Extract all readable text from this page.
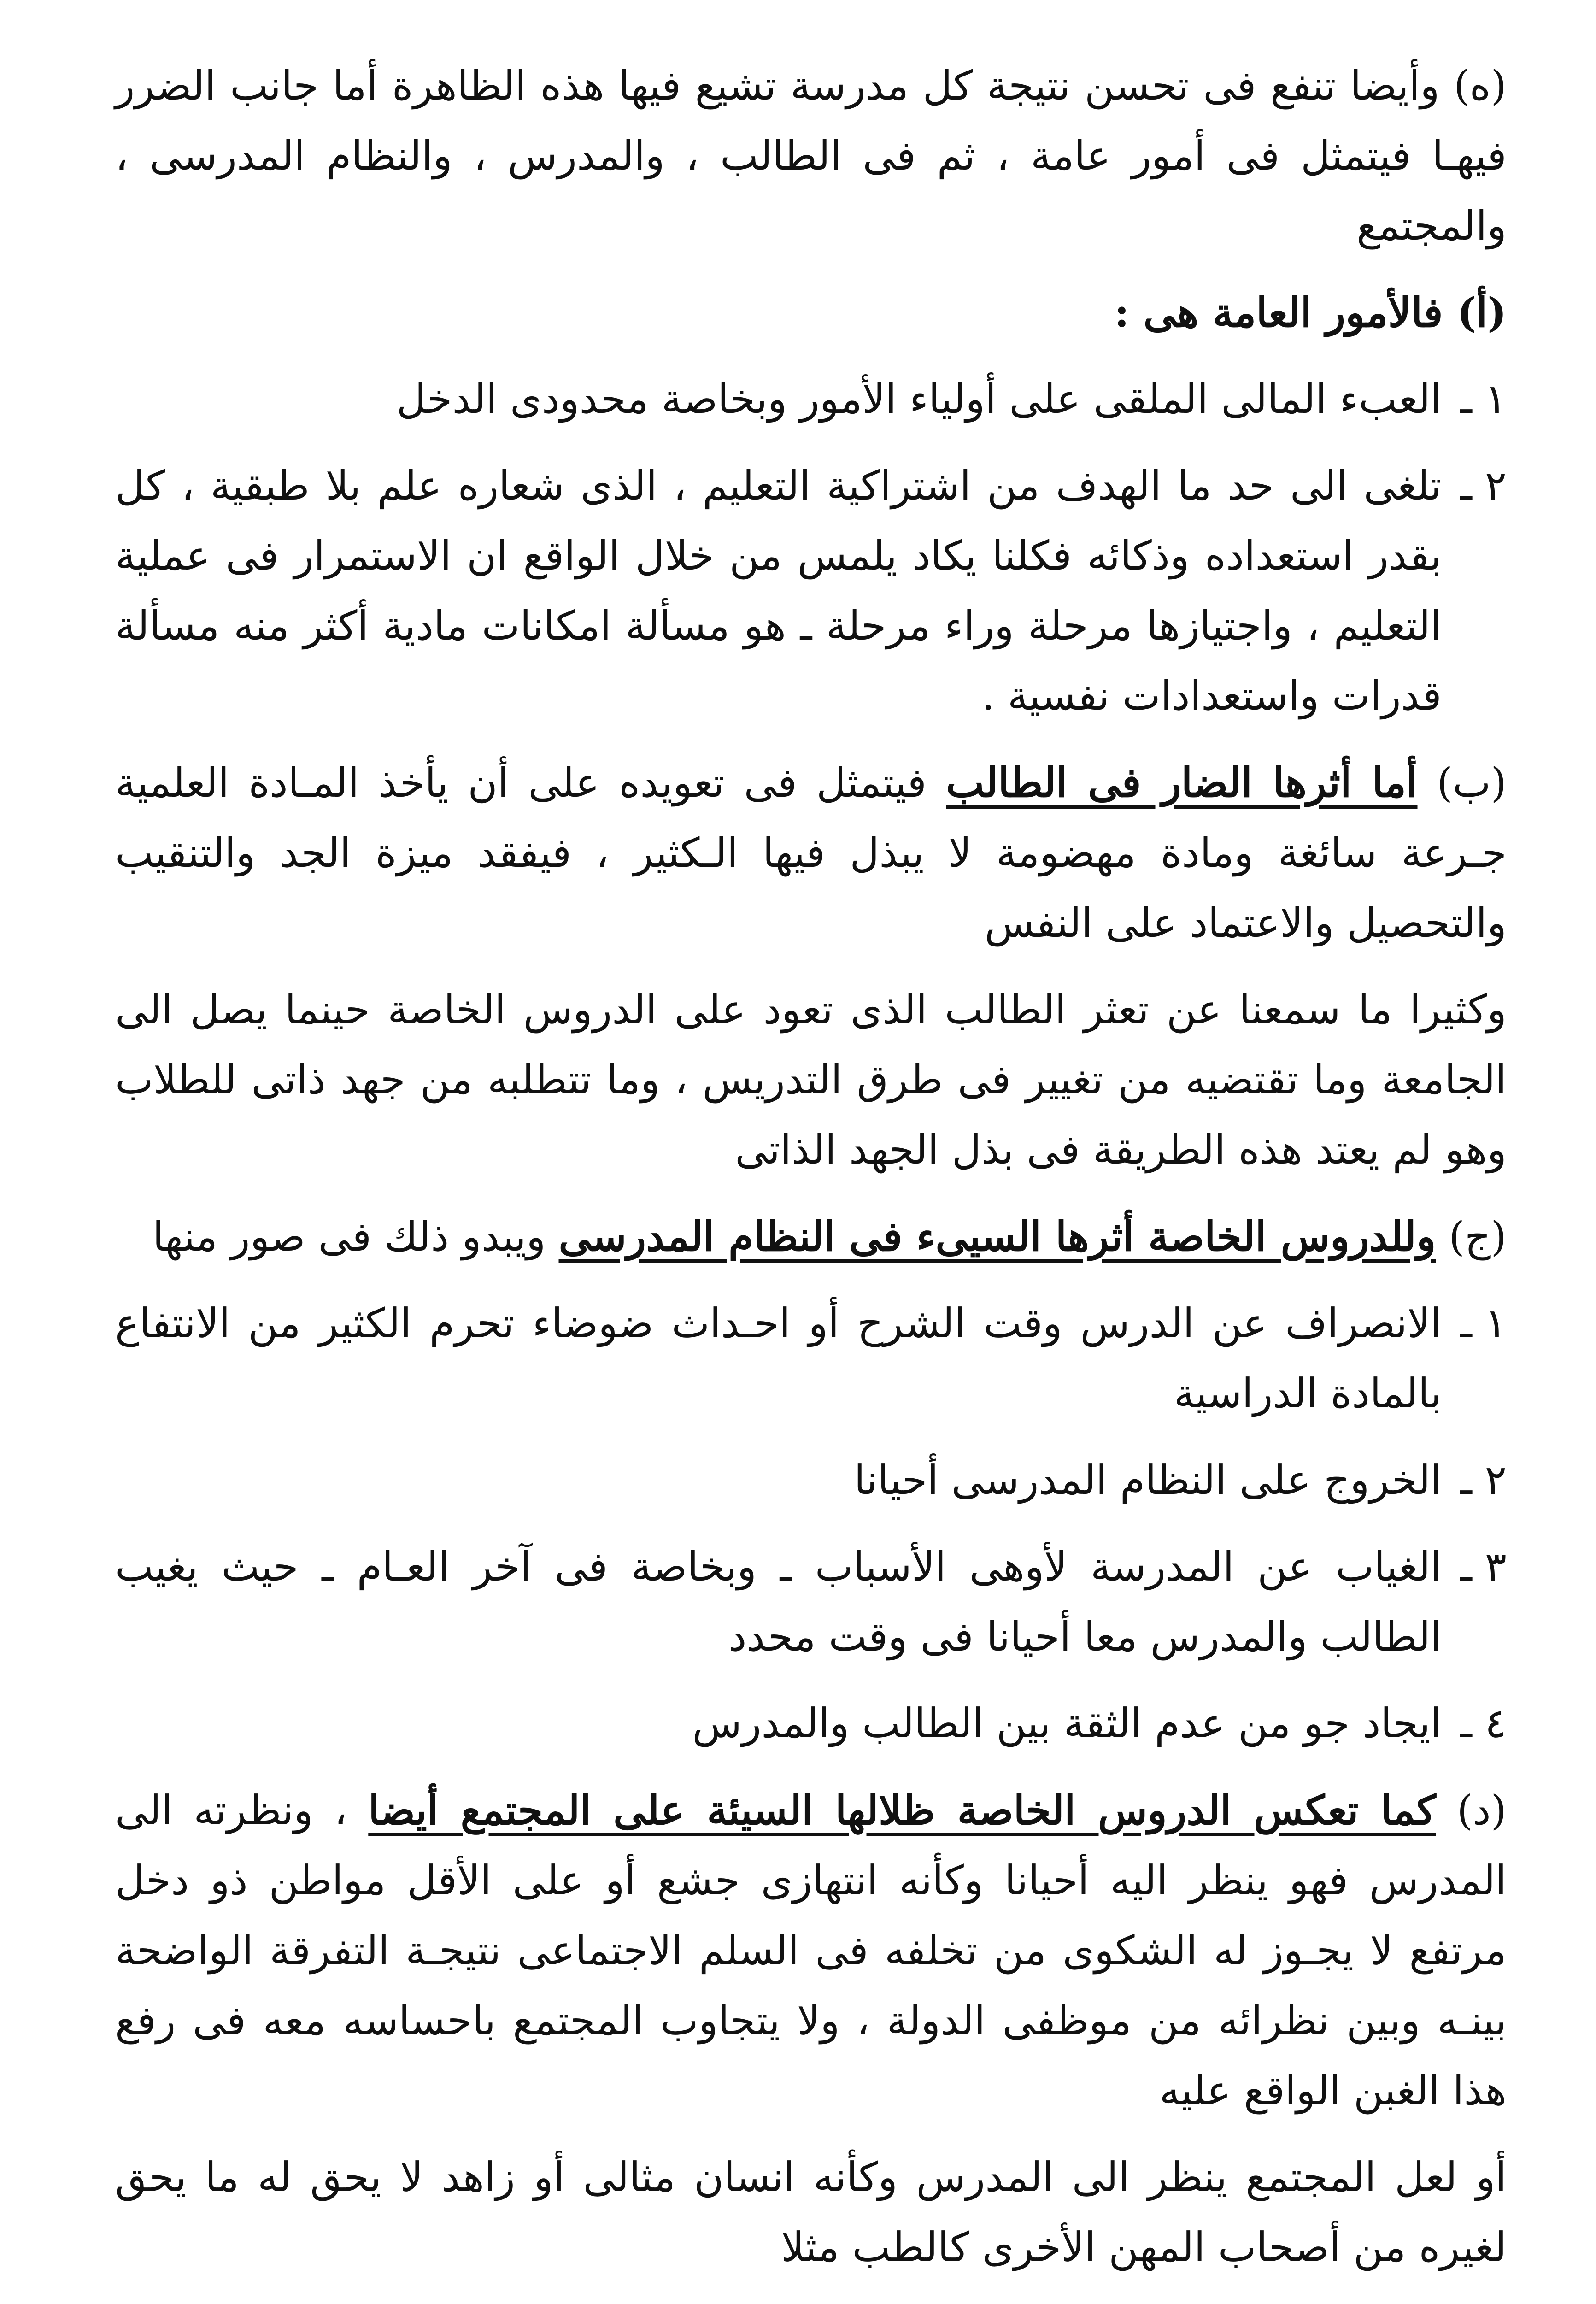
(ه) وأيضا تنفع فى تحسن نتيجة كل مدرسة تشيع فيها هذه الظاهرة أما جانب الضرر فيهـا فيتمثل فى أمور عامة ، ثم فى الطالب ، والمدرس ، والنظام المدرسى ، والمجتمع

(أ) فالأمور العامة هى :

١ ـ
العبء المالى الملقى على أولياء الأمور وبخاصة محدودى الدخل
٢ ـ
تلغى الى حد ما الهدف من اشتراكية التعليم ، الذى شعاره علم بلا طبقية ، كل بقدر استعداده وذكائه فكلنا يكاد يلمس من خلال الواقع ان الاستمرار فى عملية التعليم ، واجتيازها مرحلة وراء مرحلة ـ هو مسألة امكانات مادية أكثر منه مسألة قدرات واستعدادات نفسية .

(ب) أما أثرها الضار فى الطالب فيتمثل فى تعويده على أن يأخذ المـادة العلمية جـرعة سائغة ومادة مهضومة لا يبذل فيها الـكثير ، فيفقد ميزة الجد والتنقيب والتحصيل والاعتماد على النفس

وكثيرا ما سمعنا عن تعثر الطالب الذى تعود على الدروس الخاصة حينما يصل الى الجامعة وما تقتضيه من تغيير فى طرق التدريس ، وما تتطلبه من جهد ذاتى للطلاب وهو لم يعتد هذه الطريقة فى بذل الجهد الذاتى

(ج) وللدروس الخاصة أثرها السيىء فى النظام المدرسى ويبدو ذلك فى صور منها

١ ـ
الانصراف عن الدرس وقت الشرح أو احـداث ضوضاء تحرم الكثير من الانتفاع بالمادة الدراسية
٢ ـ
الخروج على النظام المدرسى أحيانا
٣ ـ
الغياب عن المدرسة لأوهى الأسباب ـ وبخاصة فى آخر العـام ـ حيث يغيب الطالب والمدرس معا أحيانا فى وقت محدد
٤ ـ
ايجاد جو من عدم الثقة بين الطالب والمدرس

(د) كما تعكس الدروس الخاصة ظلالها السيئة على المجتمع أيضا ، ونظرته الى المدرس فهو ينظر اليه أحيانا وكأنه انتهازى جشع أو على الأقل مواطن ذو دخل مرتفع لا يجـوز له الشكوى من تخلفه فى السلم الاجتماعى نتيجـة التفرقة الواضحة بينـه وبين نظرائه من موظفى الدولة ، ولا يتجاوب المجتمع باحساسه معه فى رفع هذا الغبن الواقع عليه

أو لعل المجتمع ينظر الى المدرس وكأنه انسان مثالى أو زاهد لا يحق له ما يحق لغيره من أصحاب المهن الأخرى كالطب مثلا
